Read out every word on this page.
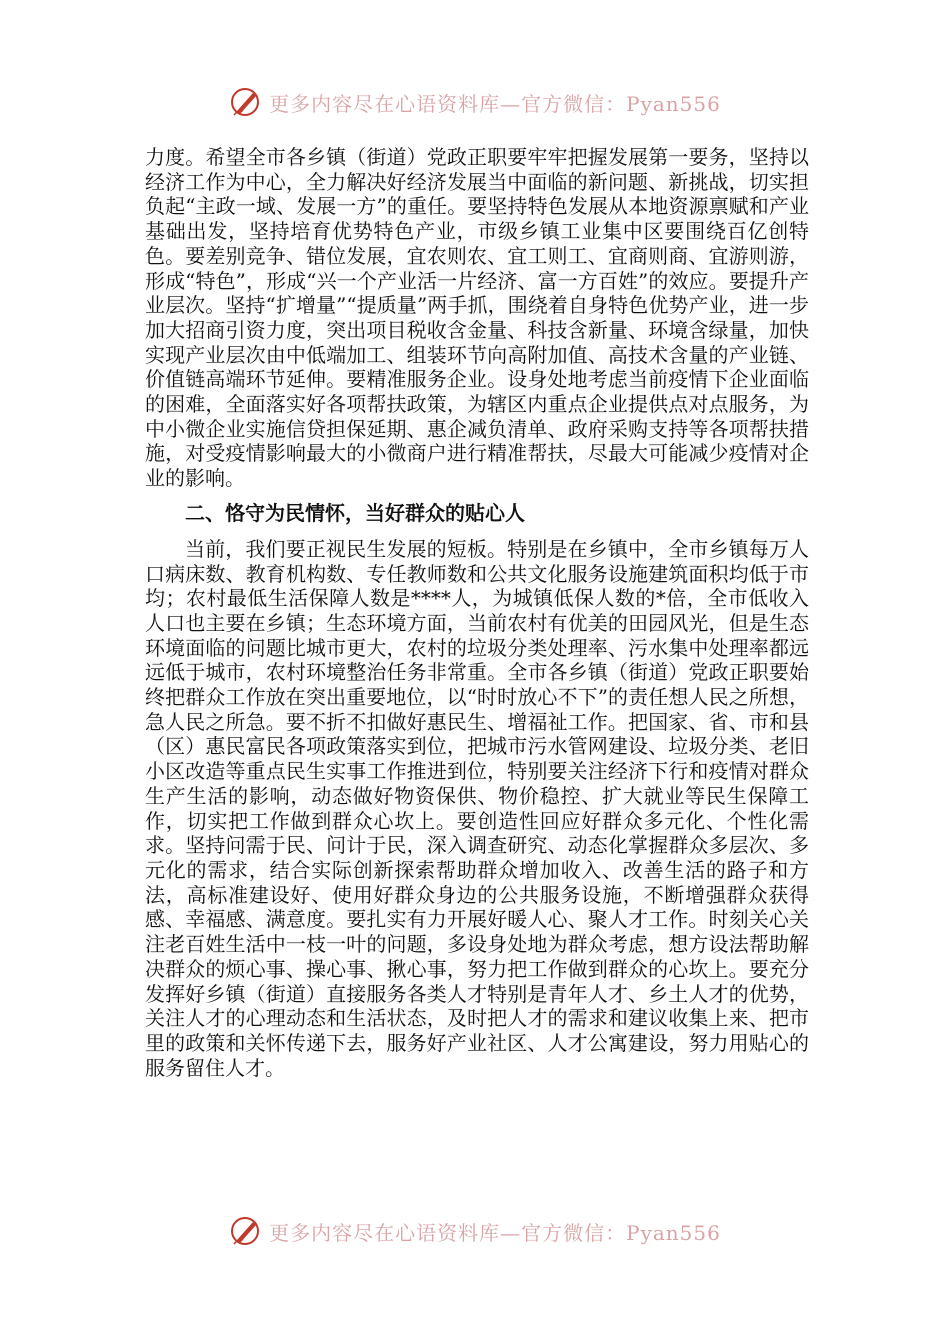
更多内容尽在心语资料库—官方微信：Pyan556

力度。希望全市各乡镇（街道）党政正职要牢牢把握发展第一要务，坚持以经济工作为中心，全力解决好经济发展当中面临的新问题、新挑战，切实担负起“主政一域、发展一方”的重任。要坚持特色发展从本地资源禀赋和产业基础出发，坚持培育优势特色产业，市级乡镇工业集中区要围绕百亿创特色。要差别竞争、错位发展，宜农则农、宜工则工、宜商则商、宜游则游，形成“特色”，形成“兴一个产业活一片经济、富一方百姓”的效应。要提升产业层次。坚持“扩增量”“提质量”两手抓，围绕着自身特色优势产业，进一步加大招商引资力度，突出项目税收含金量、科技含新量、环境含绿量，加快实现产业层次由中低端加工、组装环节向高附加值、高技术含量的产业链、价值链高端环节延伸。要精准服务企业。设身处地考虑当前疫情下企业面临的困难，全面落实好各项帮扶政策，为辖区内重点企业提供点对点服务，为中小微企业实施信贷担保延期、惠企减负清单、政府采购支持等各项帮扶措施，对受疫情影响最大的小微商户进行精准帮扶，尽最大可能减少疫情对企业的影响。

二、恪守为民情怀，当好群众的贴心人

当前，我们要正视民生发展的短板。特别是在乡镇中，全市乡镇每万人口病床数、教育机构数、专任教师数和公共文化服务设施建筑面积均低于市均；农村最低生活保障人数是****人，为城镇低保人数的*倍，全市低收入人口也主要在乡镇；生态环境方面，当前农村有优美的田园风光，但是生态环境面临的问题比城市更大，农村的垃圾分类处理率、污水集中处理率都远远低于城市，农村环境整治任务非常重。全市各乡镇（街道）党政正职要始终把群众工作放在突出重要地位，以“时时放心不下”的责任想人民之所想，急人民之所急。要不折不扣做好惠民生、增福祉工作。把国家、省、市和县（区）惠民富民各项政策落实到位，把城市污水管网建设、垃圾分类、老旧小区改造等重点民生实事工作推进到位，特别要关注经济下行和疫情对群众生产生活的影响，动态做好物资保供、物价稳控、扩大就业等民生保障工作，切实把工作做到群众心坎上。要创造性回应好群众多元化、个性化需求。坚持问需于民、问计于民，深入调查研究、动态化掌握群众多层次、多元化的需求，结合实际创新探索帮助群众增加收入、改善生活的路子和方法，高标准建设好、使用好群众身边的公共服务设施，不断增强群众获得感、幸福感、满意度。要扎实有力开展好暖人心、聚人才工作。时刻关心关注老百姓生活中一枝一叶的问题，多设身处地为群众考虑，想方设法帮助解决群众的烦心事、操心事、揪心事，努力把工作做到群众的心坎上。要充分发挥好乡镇（街道）直接服务各类人才特别是青年人才、乡土人才的优势，关注人才的心理动态和生活状态，及时把人才的需求和建议收集上来、把市里的政策和关怀传递下去，服务好产业社区、人才公寓建设，努力用贴心的服务留住人才。

更多内容尽在心语资料库—官方微信：Pyan556
